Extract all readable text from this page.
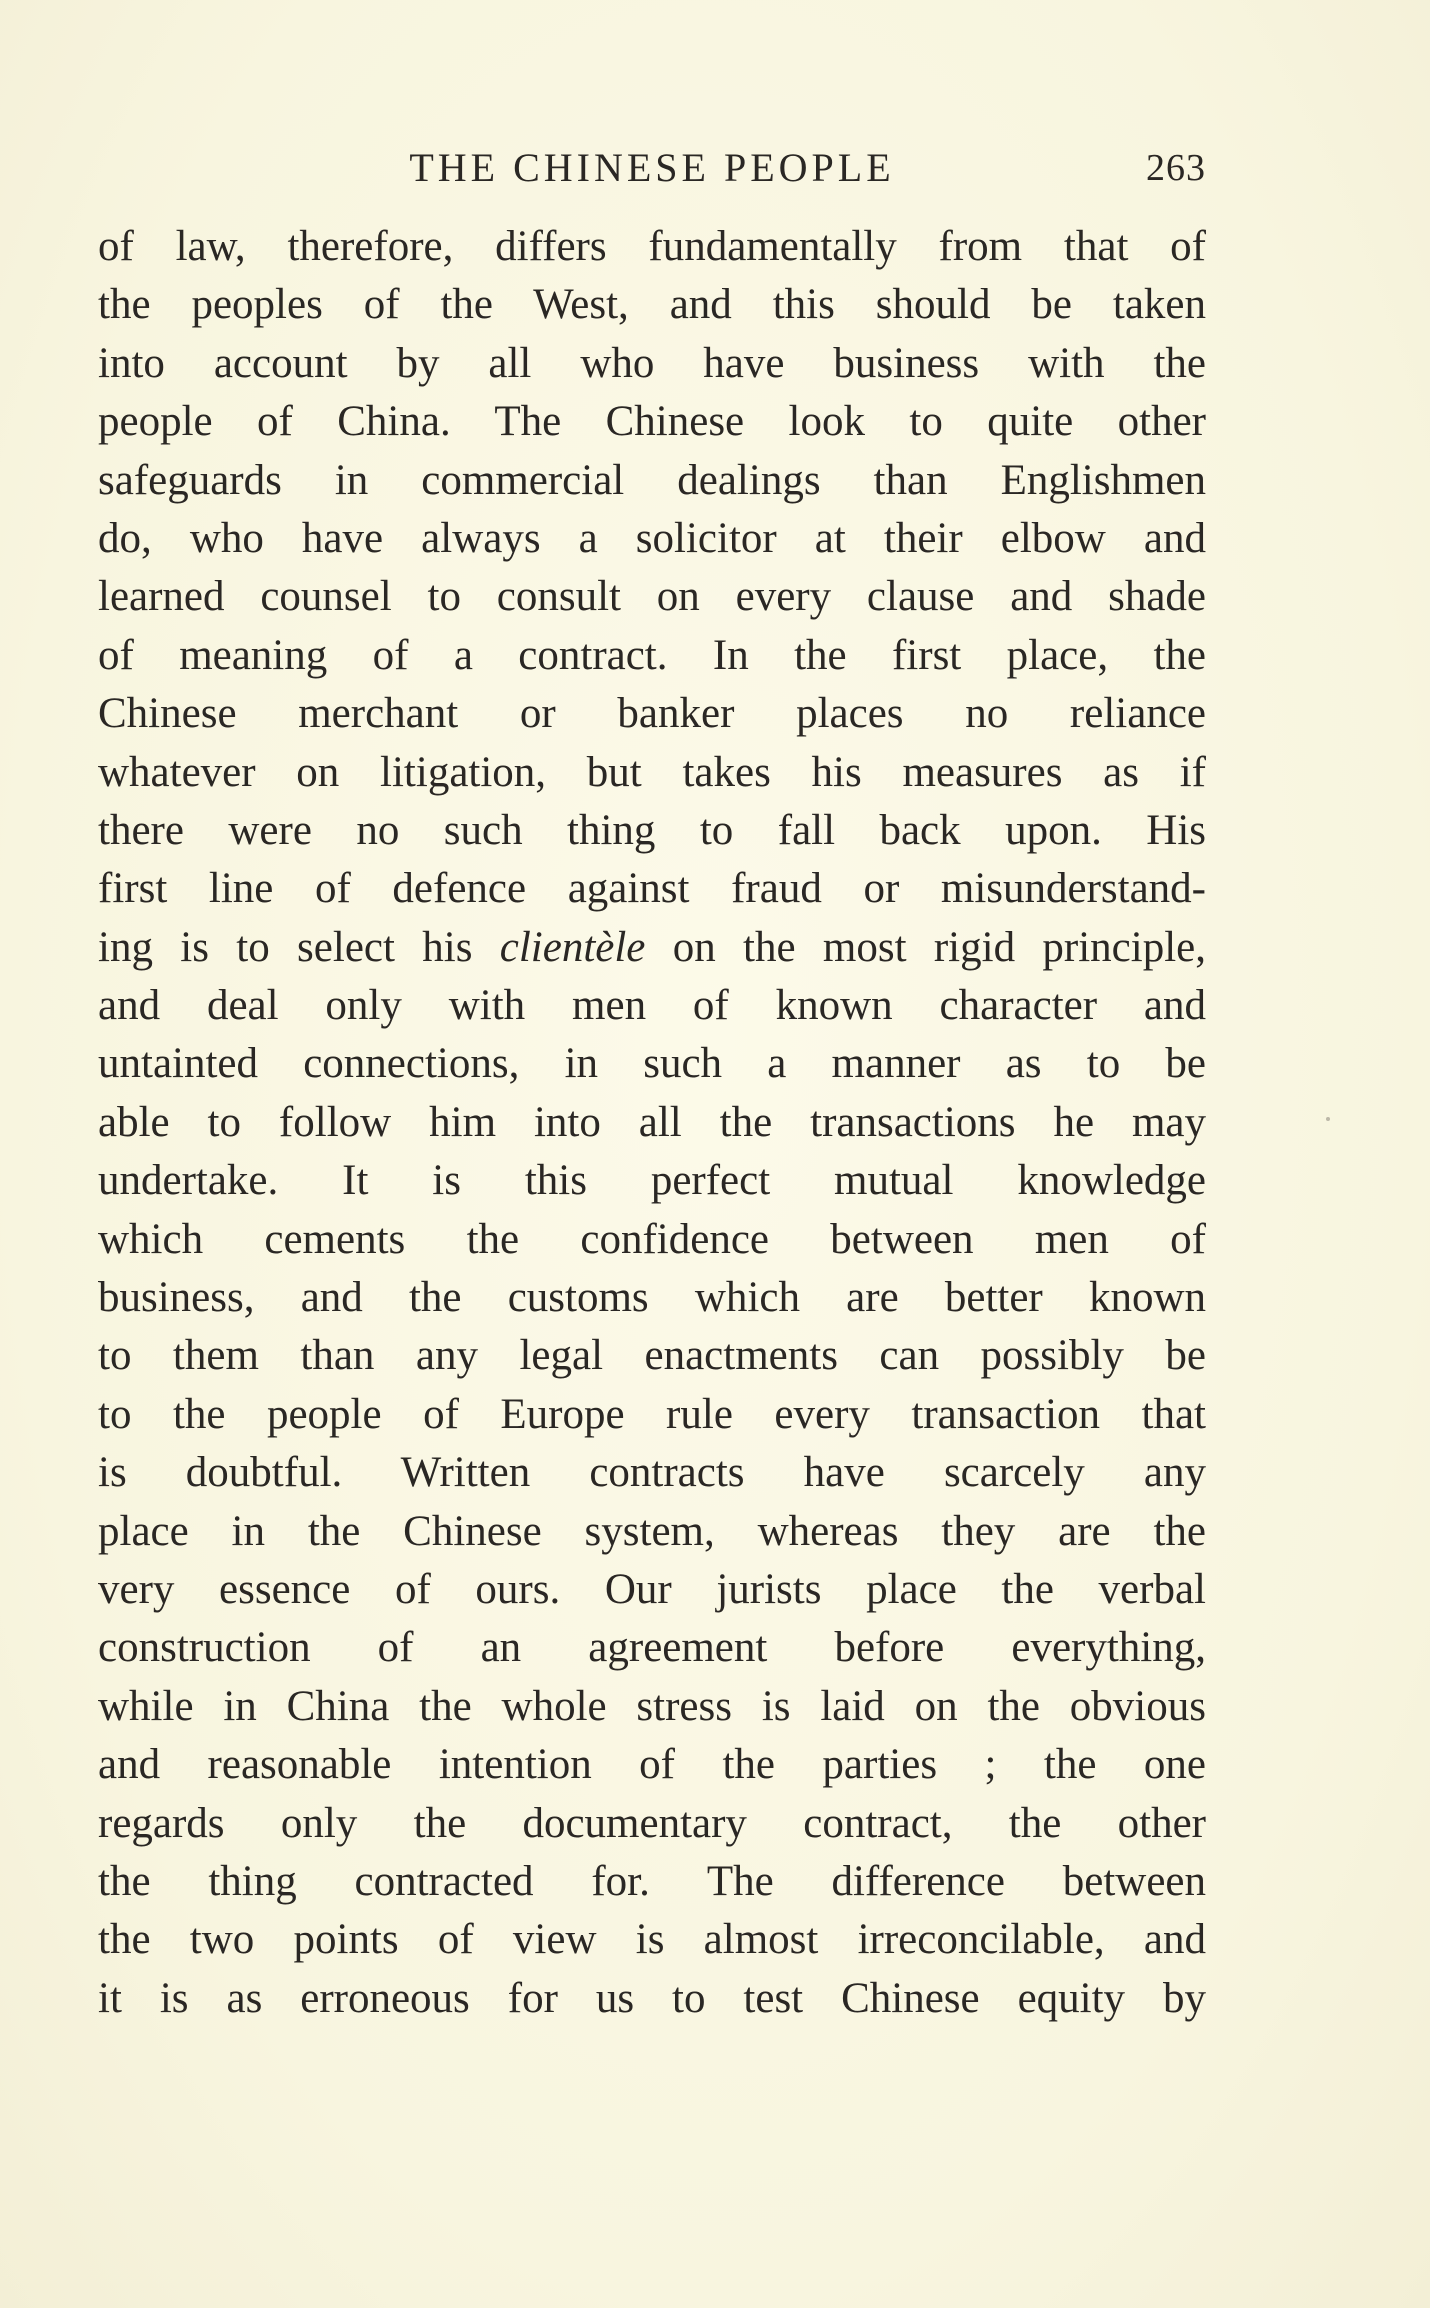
THE CHINESE PEOPLE	263
of law, therefore, differs fundamentally from that of
the peoples of the West, and this should be taken
into account by all who have business with the
people of China. The Chinese look to quite other
safeguards in commercial dealings than Englishmen
do, who have always a solicitor at their elbow and
learned counsel to consult on every clause and shade
of meaning of a contract. In the first place, the
Chinese merchant or banker places no reliance
whatever on litigation, but takes his measures as if
there were no such thing to fall back upon. His
first line of defence against fraud or misunderstand-
ing is to select his clientèle on the most rigid principle,
and deal only with men of known character and
untainted connections, in such a manner as to be
able to follow him into all the transactions he may
undertake. It is this perfect mutual knowledge
which cements the confidence between men of
business, and the customs which are better known
to them than any legal enactments can possibly be
to the people of Europe rule every transaction that
is doubtful. Written contracts have scarcely any
place in the Chinese system, whereas they are the
very essence of ours. Our jurists place the verbal
construction of an agreement before everything,
while in China the whole stress is laid on the obvious
and reasonable intention of the parties ; the one
regards only the documentary contract, the other
the thing contracted for. The difference between
the two points of view is almost irreconcilable, and
it is as erroneous for us to test Chinese equity by
